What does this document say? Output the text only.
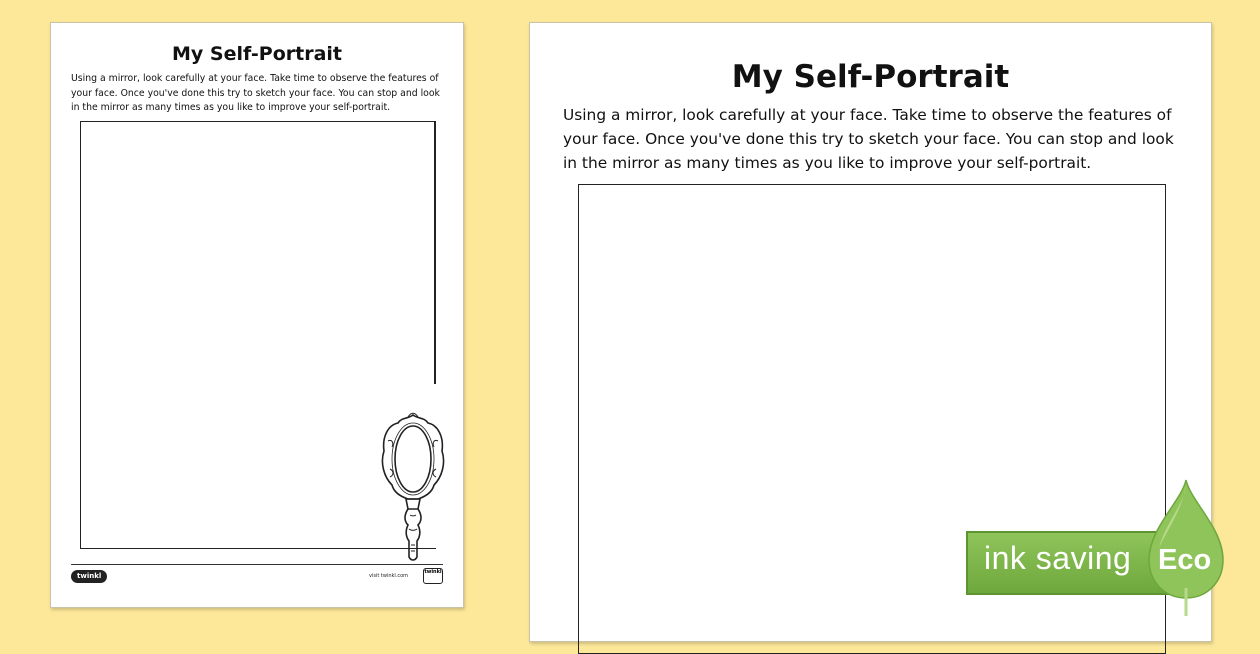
My Self-Portrait

Using a mirror, look carefully at your face. Take time to observe the features of your face. Once you've done this try to sketch your face. You can stop and look in the mirror as many times as you like to improve your self-portrait.

twinkl	visit twinkl.com
twinkl
My Self-Portrait

Using a mirror, look carefully at your face. Take time to observe the features of your face. Once you've done this try to sketch your face. You can stop and look in the mirror as many times as you like to improve your self-portrait.

ink saving Eco
